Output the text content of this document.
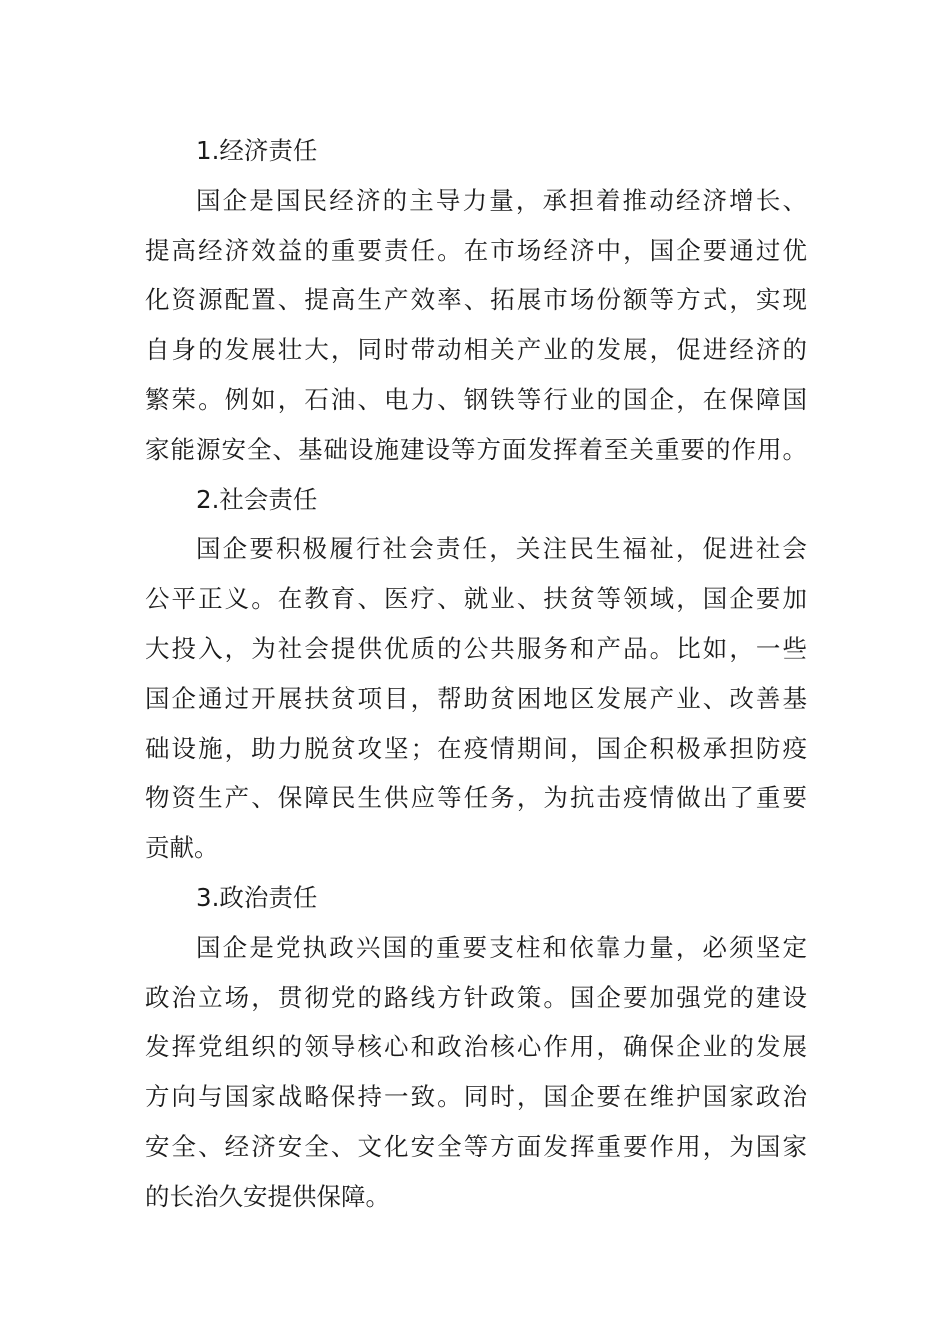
1.经济责任
国企是国民经济的主导力量，承担着推动经济增长、
提高经济效益的重要责任。在市场经济中，国企要通过优
化资源配置、提高生产效率、拓展市场份额等方式，实现
自身的发展壮大，同时带动相关产业的发展，促进经济的
繁荣。例如，石油、电力、钢铁等行业的国企，在保障国
家能源安全、基础设施建设等方面发挥着至关重要的作用。
2.社会责任
国企要积极履行社会责任，关注民生福祉，促进社会
公平正义。在教育、医疗、就业、扶贫等领域，国企要加
大投入，为社会提供优质的公共服务和产品。比如，一些
国企通过开展扶贫项目，帮助贫困地区发展产业、改善基
础设施，助力脱贫攻坚；在疫情期间，国企积极承担防疫
物资生产、保障民生供应等任务，为抗击疫情做出了重要
贡献。
3.政治责任
国企是党执政兴国的重要支柱和依靠力量，必须坚定
政治立场，贯彻党的路线方针政策。国企要加强党的建设
发挥党组织的领导核心和政治核心作用，确保企业的发展
方向与国家战略保持一致。同时，国企要在维护国家政治
安全、经济安全、文化安全等方面发挥重要作用，为国家
的长治久安提供保障。
